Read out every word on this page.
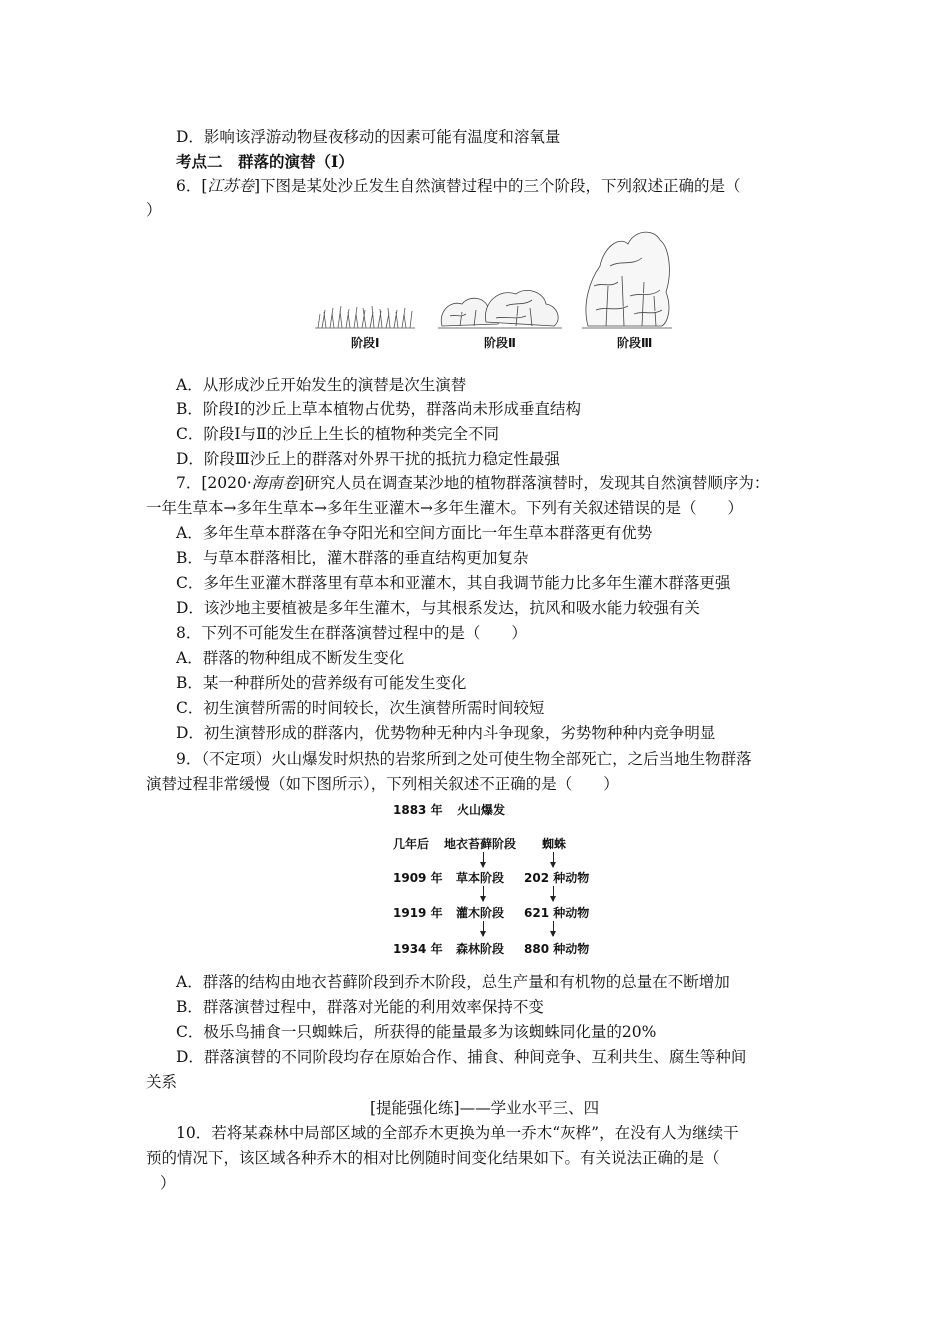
D．影响该浮游动物昼夜移动的因素可能有温度和溶氧量
考点二　群落的演替（Ⅰ）
6．[江苏卷]下图是某处沙丘发生自然演替过程中的三个阶段，下列叙述正确的是（
）
阶段Ⅰ	阶段Ⅱ	阶段Ⅲ
A．从形成沙丘开始发生的演替是次生演替
B．阶段Ⅰ的沙丘上草本植物占优势，群落尚未形成垂直结构
C．阶段Ⅰ与Ⅱ的沙丘上生长的植物种类完全不同
D．阶段Ⅲ沙丘上的群落对外界干扰的抵抗力稳定性最强
7．[2020·海南卷]研究人员在调查某沙地的植物群落演替时，发现其自然演替顺序为：
一年生草本→多年生草本→多年生亚灌木→多年生灌木。下列有关叙述错误的是（　　）
A．多年生草本群落在争夺阳光和空间方面比一年生草本群落更有优势
B．与草本群落相比，灌木群落的垂直结构更加复杂
C．多年生亚灌木群落里有草本和亚灌木，其自我调节能力比多年生灌木群落更强
D．该沙地主要植被是多年生灌木，与其根系发达，抗风和吸水能力较强有关
8．下列不可能发生在群落演替过程中的是（　　）
A．群落的物种组成不断发生变化
B．某一种群所处的营养级有可能发生变化
C．初生演替所需的时间较长，次生演替所需时间较短
D．初生演替形成的群落内，优势物种无种内斗争现象，劣势物种种内竞争明显
9．（不定项）火山爆发时炽热的岩浆所到之处可使生物全部死亡，之后当地生物群落
演替过程非常缓慢（如下图所示），下列相关叙述不正确的是（　　）
1883 年 火山爆发
几年后 地衣苔藓阶段 蜘蛛
1909 年 草本阶段 202 种动物
1919 年 灌木阶段 621 种动物
1934 年 森林阶段 880 种动物
A．群落的结构由地衣苔藓阶段到乔木阶段，总生产量和有机物的总量在不断增加
B．群落演替过程中，群落对光能的利用效率保持不变
C．极乐鸟捕食一只蜘蛛后，所获得的能量最多为该蜘蛛同化量的20%
D．群落演替的不同阶段均存在原始合作、捕食、种间竞争、互利共生、腐生等种间
关系
[提能强化练]——学业水平三、四
10．若将某森林中局部区域的全部乔木更换为单一乔木“灰桦”，在没有人为继续干
预的情况下，该区域各种乔木的相对比例随时间变化结果如下。有关说法正确的是（
）
